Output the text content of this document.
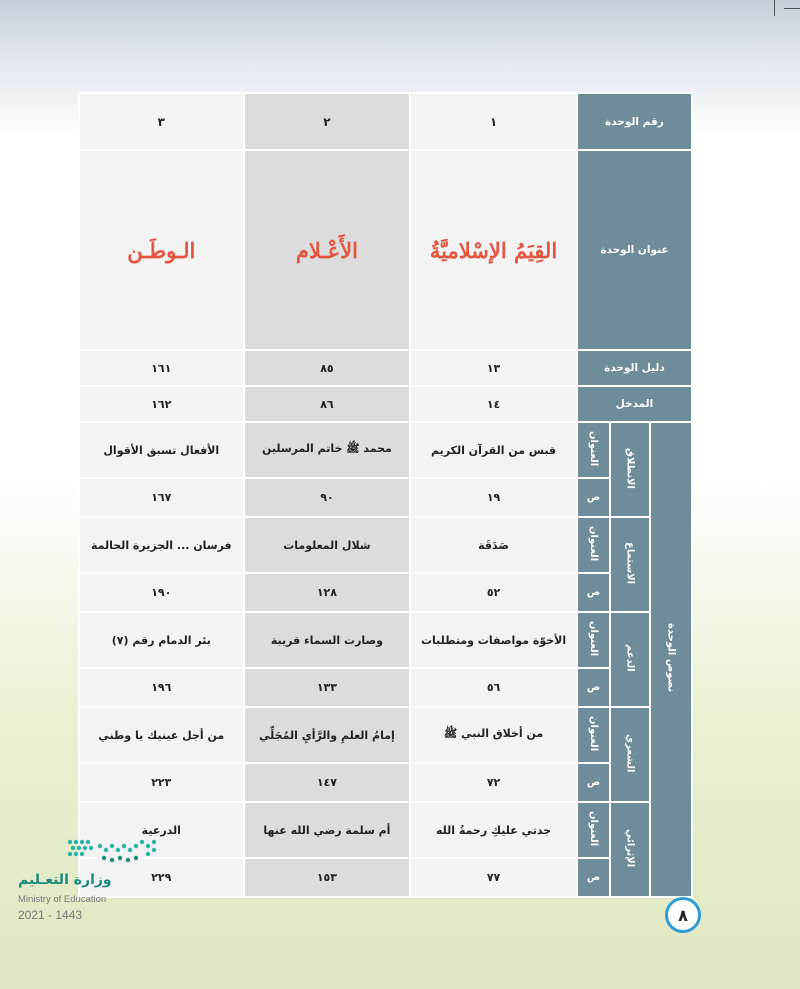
٣	٢	١	رقم الوحدة		
الـوطَـن	الأَعْـلام	القِيَمُ الإسْلاميَّةُ	عنوان الوحدة		
١٦١	٨٥	١٣	دليل الوحدة		
١٦٢	٨٦	١٤	المدخل		
الأفعال تسبق الأقوال	محمد ﷺ خاتم المرسلين	قبس من القرآن الكريم	العنوان	الانطلاق	نصوص الوحدة
١٦٧	٩٠	١٩	ص		
فرسان ... الجزيرة الحالمة	شلال المعلومات	صَدَقَة	العنوان	الاستماع	
١٩٠	١٢٨	٥٢	ص		
بئر الدمام رقم (٧)	وصارت السماء قريبة	الأخوّة مواصفات ومتطلبات	العنوان	الدعم	
١٩٦	١٣٣	٥٦	ص		
من أجل عينيك يا وطني	إمامُ العلمِ والرَّأيِ المُجَلِّي	من أخلاق النبي ﷺ	العنوان	الشعري	
٢٢٣	١٤٧	٧٢	ص		
الدرعية	أم سلمة رضي الله عنها	جدتي عليكِ رحمةُ الله	العنوان	الإثرائي	
٢٢٩	١٥٣	٧٧	ص		
وزارة التعـليم
Ministry of Education
2021 - 1443	٨
